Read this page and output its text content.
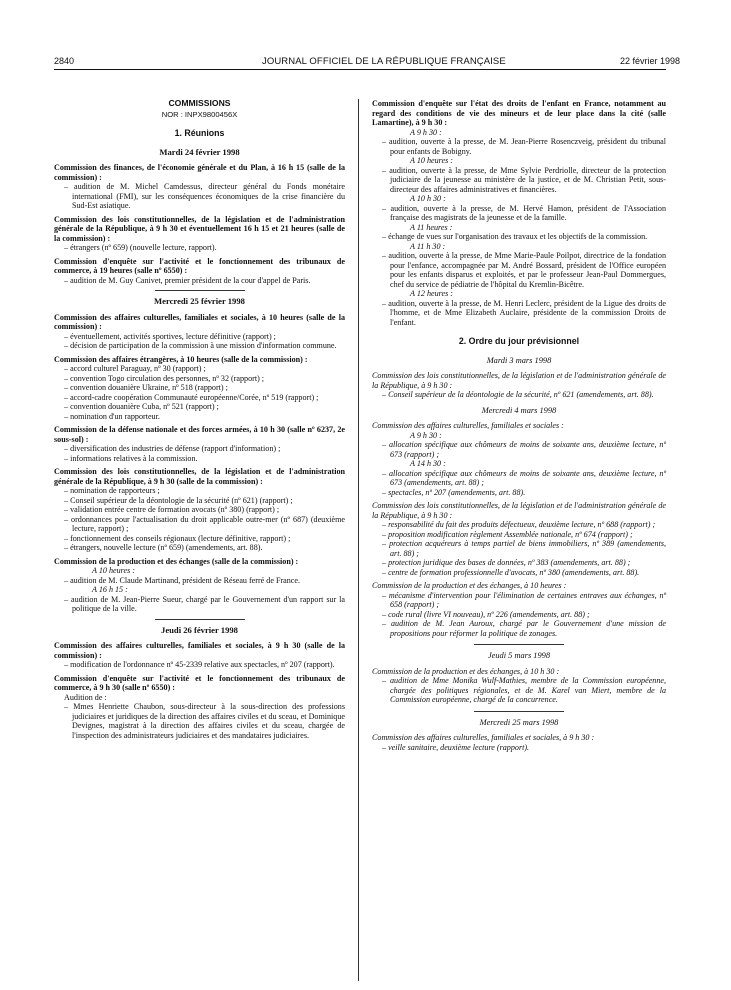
2840	JOURNAL OFFICIEL DE LA RÉPUBLIQUE FRANÇAISE	22 février 1998
COMMISSIONS
NOR : INPX9800456X
1. Réunions
Mardi 24 février 1998
Commission des finances, de l'économie générale et du Plan, à 16 h 15 (salle de la commission) :
– audition de M. Michel Camdessus, directeur général du Fonds monétaire international (FMI), sur les conséquences économiques de la crise financière du Sud-Est asiatique.
Commission des lois constitutionnelles, de la législation et de l'administration générale de la République, à 9 h 30 et éventuellement 16 h 15 et 21 heures (salle de la commission) :
– étrangers (nº 659) (nouvelle lecture, rapport).
Commission d'enquête sur l'activité et le fonctionnement des tribunaux de commerce, à 19 heures (salle nº 6550) :
– audition de M. Guy Canivet, premier président de la cour d'appel de Paris.
Mercredi 25 février 1998
Commission des affaires culturelles, familiales et sociales, à 10 heures (salle de la commission) :
– éventuellement, activités sportives, lecture définitive (rapport) ;
– décision de participation de la commission à une mission d'information commune.
Commission des affaires étrangères, à 10 heures (salle de la commission) :
– accord culturel Paraguay, nº 30 (rapport) ;
– convention Togo circulation des personnes, nº 32 (rapport) ;
– convention douanière Ukraine, nº 518 (rapport) ;
– accord-cadre coopération Communauté européenne/Corée, nº 519 (rapport) ;
– convention douanière Cuba, nº 521 (rapport) ;
– nomination d'un rapporteur.
Commission de la défense nationale et des forces armées, à 10 h 30 (salle nº 6237, 2e sous-sol) :
– diversification des industries de défense (rapport d'information) ;
– informations relatives à la commission.
Commission des lois constitutionnelles, de la législation et de l'administration générale de la République, à 9 h 30 (salle de la commission) :
– nomination de rapporteurs ;
– Conseil supérieur de la déontologie de la sécurité (nº 621) (rapport) ;
– validation entrée centre de formation avocats (nº 380) (rapport) ;
– ordonnances pour l'actualisation du droit applicable outre-mer (nº 687) (deuxième lecture, rapport) ;
– fonctionnement des conseils régionaux (lecture définitive, rapport) ;
– étrangers, nouvelle lecture (nº 659) (amendements, art. 88).
Commission de la production et des échanges (salle de la commission) :
A 10 heures :
– audition de M. Claude Martinand, président de Réseau ferré de France.
A 16 h 15 :
– audition de M. Jean-Pierre Sueur, chargé par le Gouvernement d'un rapport sur la politique de la ville.
Jeudi 26 février 1998
Commission des affaires culturelles, familiales et sociales, à 9 h 30 (salle de la commission) :
– modification de l'ordonnance nº 45-2339 relative aux spectacles, nº 207 (rapport).
Commission d'enquête sur l'activité et le fonctionnement des tribunaux de commerce, à 9 h 30 (salle nº 6550) :
Audition de :
– Mmes Henriette Chaubon, sous-directeur à la sous-direction des professions judiciaires et juridiques de la direction des affaires civiles et du sceau, et Dominique Devignes, magistrat à la direction des affaires civiles et du sceau, chargée de l'inspection des administrateurs judiciaires et des mandataires judiciaires.
Commission d'enquête sur l'état des droits de l'enfant en France, notamment au regard des conditions de vie des mineurs et de leur place dans la cité (salle Lamartine), à 9 h 30 :
A 9 h 30 :
– audition, ouverte à la presse, de M. Jean-Pierre Rosenczveig, président du tribunal pour enfants de Bobigny.
A 10 heures :
– audition, ouverte à la presse, de Mme Sylvie Perdriolle, directeur de la protection judiciaire de la jeunesse au ministère de la justice, et de M. Christian Petit, sous-directeur des affaires administratives et financières.
A 10 h 30 :
– audition, ouverte à la presse, de M. Hervé Hamon, président de l'Association française des magistrats de la jeunesse et de la famille.
A 11 heures :
– échange de vues sur l'organisation des travaux et les objectifs de la commission.
A 11 h 30 :
– audition, ouverte à la presse, de Mme Marie-Paule Poilpot, directrice de la fondation pour l'enfance, accompagnée par M. André Bossard, président de l'Office européen pour les enfants disparus et exploités, et par le professeur Jean-Paul Dommergues, chef du service de pédiatrie de l'hôpital du Kremlin-Bicêtre.
A 12 heures :
– audition, ouverte à la presse, de M. Henri Leclerc, président de la Ligue des droits de l'homme, et de Mme Elizabeth Auclaire, présidente de la commission Droits de l'enfant.
2. Ordre du jour prévisionnel
Mardi 3 mars 1998
Commission des lois constitutionnelles, de la législation et de l'administration générale de la République, à 9 h 30 :
– Conseil supérieur de la déontologie de la sécurité, nº 621 (amendements, art. 88).
Mercredi 4 mars 1998
Commission des affaires culturelles, familiales et sociales :
A 9 h 30 :
– allocation spécifique aux chômeurs de moins de soixante ans, deuxième lecture, nº 673 (rapport) ;
A 14 h 30 :
– allocation spécifique aux chômeurs de moins de soixante ans, deuxième lecture, nº 673 (amendements, art. 88) ;
– spectacles, nº 207 (amendements, art. 88).
Commission des lois constitutionnelles, de la législation et de l'administration générale de la République, à 9 h 30 :
– responsabilité du fait des produits défectueux, deuxième lecture, nº 688 (rapport) ;
– proposition modification règlement Assemblée nationale, nº 674 (rapport) ;
– protection acquéreurs à temps partiel de biens immobiliers, nº 389 (amendements, art. 88) ;
– protection juridique des bases de données, nº 383 (amendements, art. 88) ;
– centre de formation professionnelle d'avocats, nº 380 (amendements, art. 88).
Commission de la production et des échanges, à 10 heures :
– mécanisme d'intervention pour l'élimination de certaines entraves aux échanges, nº 658 (rapport) ;
– code rural (livre VI nouveau), nº 226 (amendements, art. 88) ;
– audition de M. Jean Auroux, chargé par le Gouvernement d'une mission de propositions pour réformer la politique de zonages.
Jeudi 5 mars 1998
Commission de la production et des échanges, à 10 h 30 :
– audition de Mme Monika Wulf-Mathies, membre de la Commission européenne, chargée des politiques régionales, et de M. Karel van Miert, membre de la Commission européenne, chargé de la concurrence.
Mercredi 25 mars 1998
Commission des affaires culturelles, familiales et sociales, à 9 h 30 :
– veille sanitaire, deuxième lecture (rapport).
